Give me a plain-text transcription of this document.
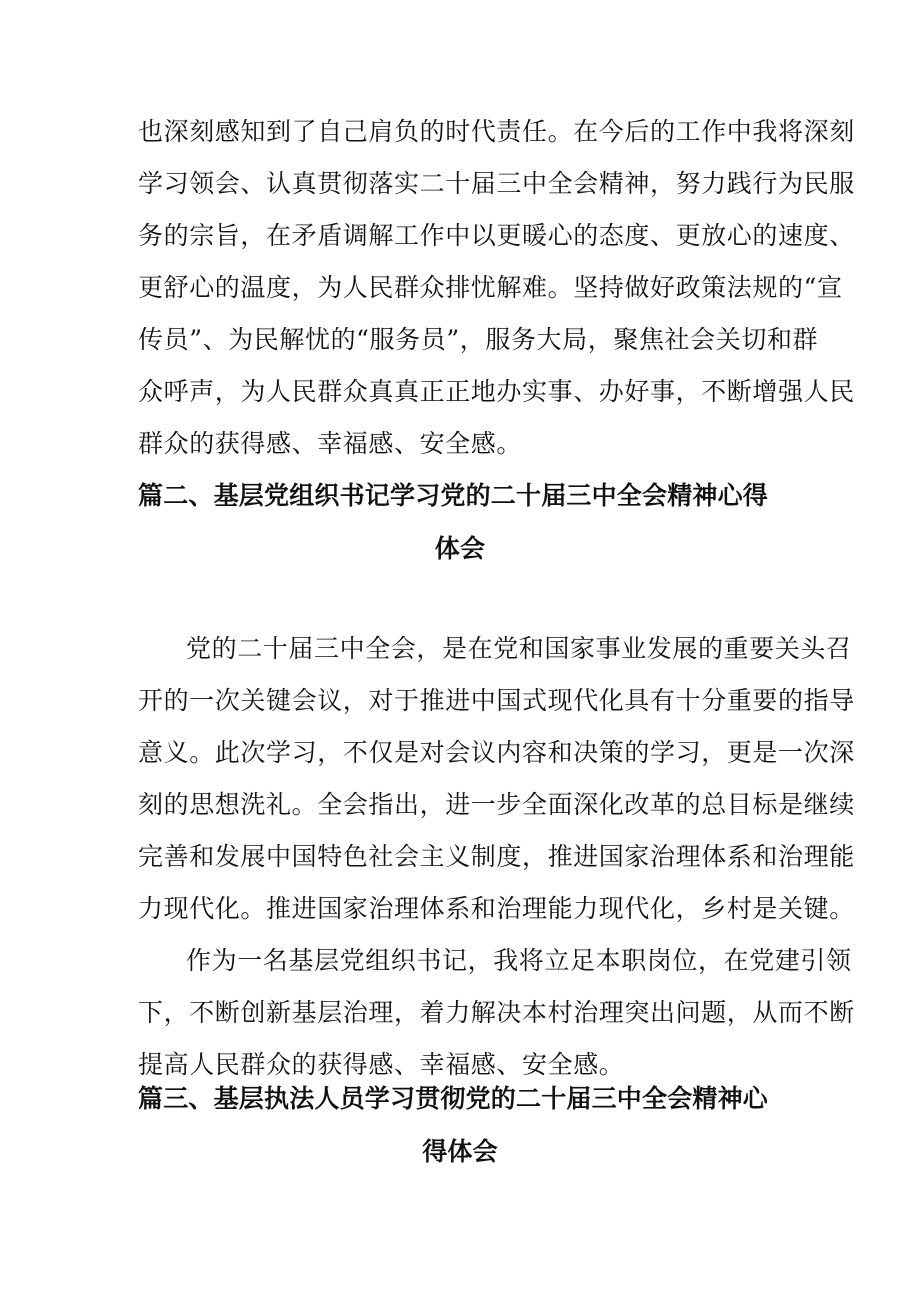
也深刻感知到了自己肩负的时代责任。在今后的工作中我将深刻
学习领会、认真贯彻落实二十届三中全会精神，努力践行为民服
务的宗旨，在矛盾调解工作中以更暖心的态度、更放心的速度、
更舒心的温度，为人民群众排忧解难。坚持做好政策法规的“宣
传员”、为民解忧的“服务员”，服务大局，聚焦社会关切和群
众呼声，为人民群众真真正正地办实事、办好事，不断增强人民
群众的获得感、幸福感、安全感。
篇二、基层党组织书记学习党的二十届三中全会精神心得
体会
党的二十届三中全会，是在党和国家事业发展的重要关头召
开的一次关键会议，对于推进中国式现代化具有十分重要的指导
意义。此次学习，不仅是对会议内容和决策的学习，更是一次深
刻的思想洗礼。全会指出，进一步全面深化改革的总目标是继续
完善和发展中国特色社会主义制度，推进国家治理体系和治理能
力现代化。推进国家治理体系和治理能力现代化，乡村是关键。
作为一名基层党组织书记，我将立足本职岗位，在党建引领
下，不断创新基层治理，着力解决本村治理突出问题，从而不断
提高人民群众的获得感、幸福感、安全感。
篇三、基层执法人员学习贯彻党的二十届三中全会精神心
得体会
